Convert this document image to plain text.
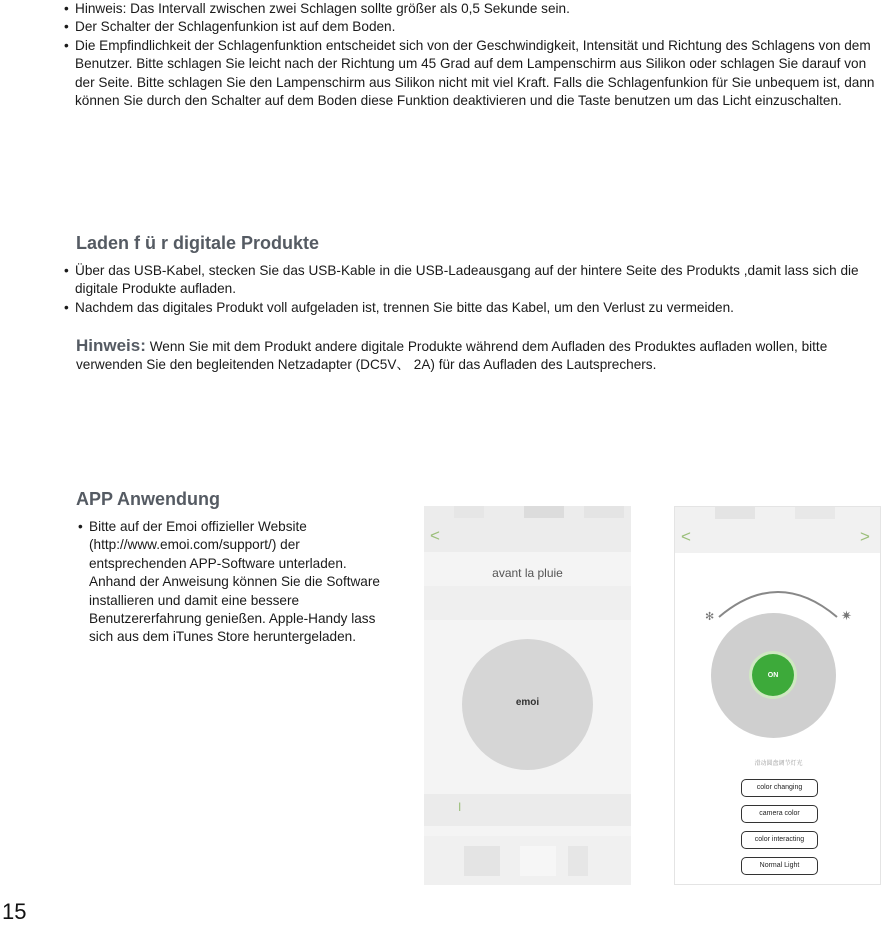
• Hinweis: Das Intervall zwischen zwei Schlagen sollte größer als 0,5 Sekunde sein.
• Der Schalter der Schlagenfunkion ist auf dem Boden.
• Die Empfindlichkeit der Schlagenfunktion entscheidet sich von der Geschwindigkeit, Intensität und Richtung des Schlagens von dem Benutzer. Bitte schlagen Sie leicht nach der Richtung um 45 Grad auf dem Lampenschirm aus Silikon oder schlagen Sie darauf von der Seite. Bitte schlagen Sie den Lampenschirm aus Silikon nicht mit viel Kraft. Falls die Schlagenfunkion für Sie unbequem ist, dann können Sie durch den Schalter auf dem Boden diese Funktion deaktivieren und die Taste benutzen um das Licht einzuschalten.
Laden f ü r digitale Produkte
• Über das USB-Kabel, stecken Sie das USB-Kable in die USB-Ladeausgang auf der hintere Seite des Produkts ,damit lass sich die digitale Produkte aufladen.
• Nachdem das digitales Produkt voll aufgeladen ist, trennen Sie bitte das Kabel, um den Verlust zu vermeiden.
Hinweis: Wenn Sie mit dem Produkt andere digitale Produkte während dem Aufladen des Produktes aufladen wollen, bitte verwenden Sie den begleitenden Netzadapter (DC5V、 2A) für das Aufladen des Lautsprechers.
APP Anwendung
• Bitte auf der Emoi offizieller Website (http://www.emoi.com/support/) der entsprechenden APP-Software unterladen. Anhand der Anweisung können Sie die Software installieren und damit eine bessere Benutzererfahrung genießen. Apple-Handy lass sich aus dem iTunes Store heruntergeladen.
<
avant la pluie
emoi
I
<	>
✻	✷
ON
滑动圆盘调节灯光
color changing
camera color
color interacting
Normal Light
15
